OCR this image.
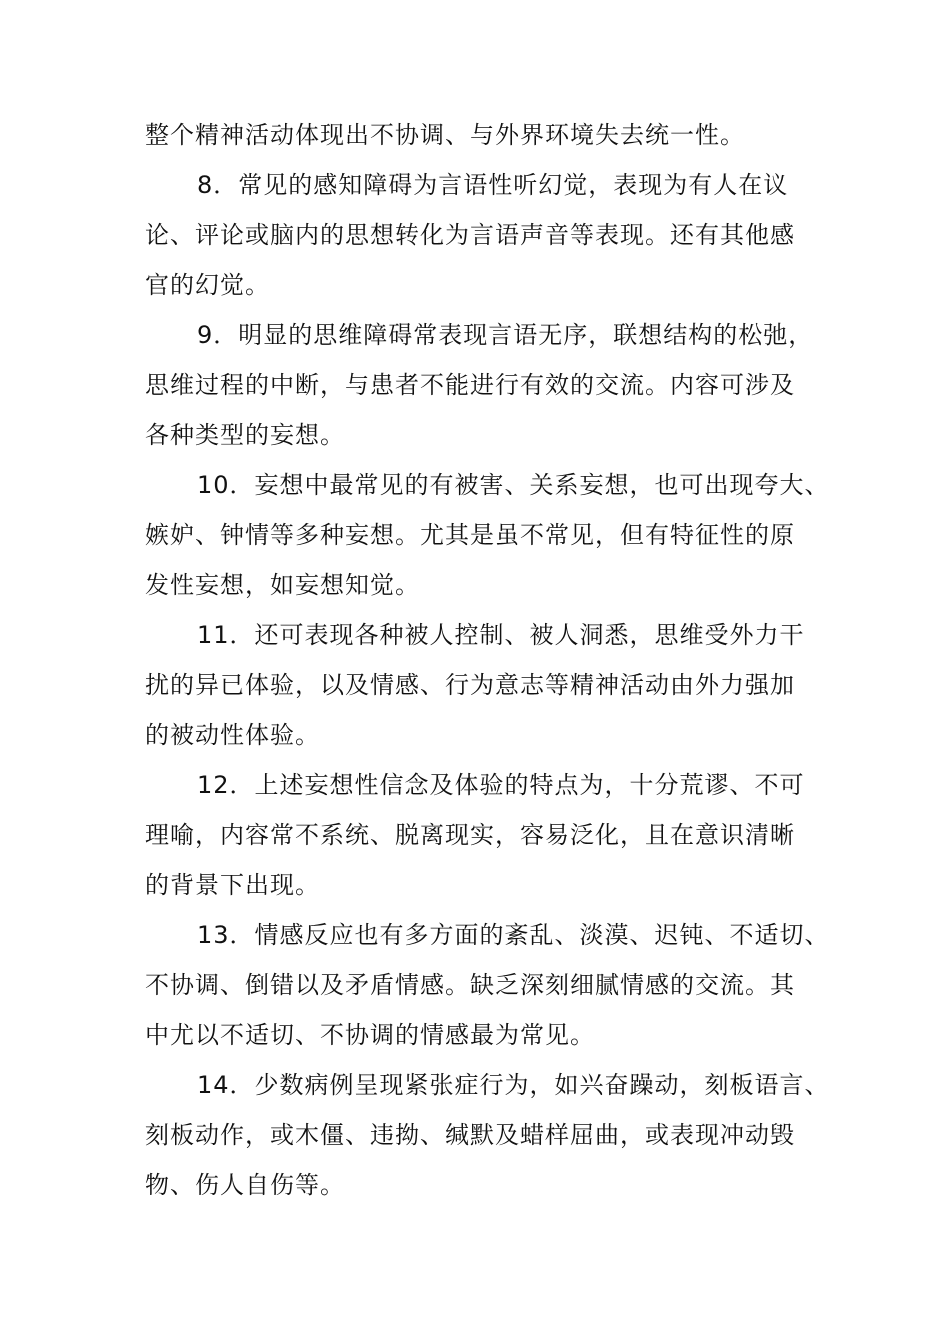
整个精神活动体现出不协调、与外界环境失去统一性。
8．常见的感知障碍为言语性听幻觉，表现为有人在议
论、评论或脑内的思想转化为言语声音等表现。还有其他感
官的幻觉。
9．明显的思维障碍常表现言语无序，联想结构的松弛，
思维过程的中断，与患者不能进行有效的交流。内容可涉及
各种类型的妄想。
10．妄想中最常见的有被害、关系妄想，也可出现夸大、
嫉妒、钟情等多种妄想。尤其是虽不常见，但有特征性的原
发性妄想，如妄想知觉。
11．还可表现各种被人控制、被人洞悉，思维受外力干
扰的异已体验，以及情感、行为意志等精神活动由外力强加
的被动性体验。
12．上述妄想性信念及体验的特点为，十分荒谬、不可
理喻，内容常不系统、脱离现实，容易泛化，且在意识清晰
的背景下出现。
13．情感反应也有多方面的紊乱、淡漠、迟钝、不适切、
不协调、倒错以及矛盾情感。缺乏深刻细腻情感的交流。其
中尤以不适切、不协调的情感最为常见。
14．少数病例呈现紧张症行为，如兴奋躁动，刻板语言、
刻板动作，或木僵、违拗、缄默及蜡样屈曲，或表现冲动毁
物、伤人自伤等。
